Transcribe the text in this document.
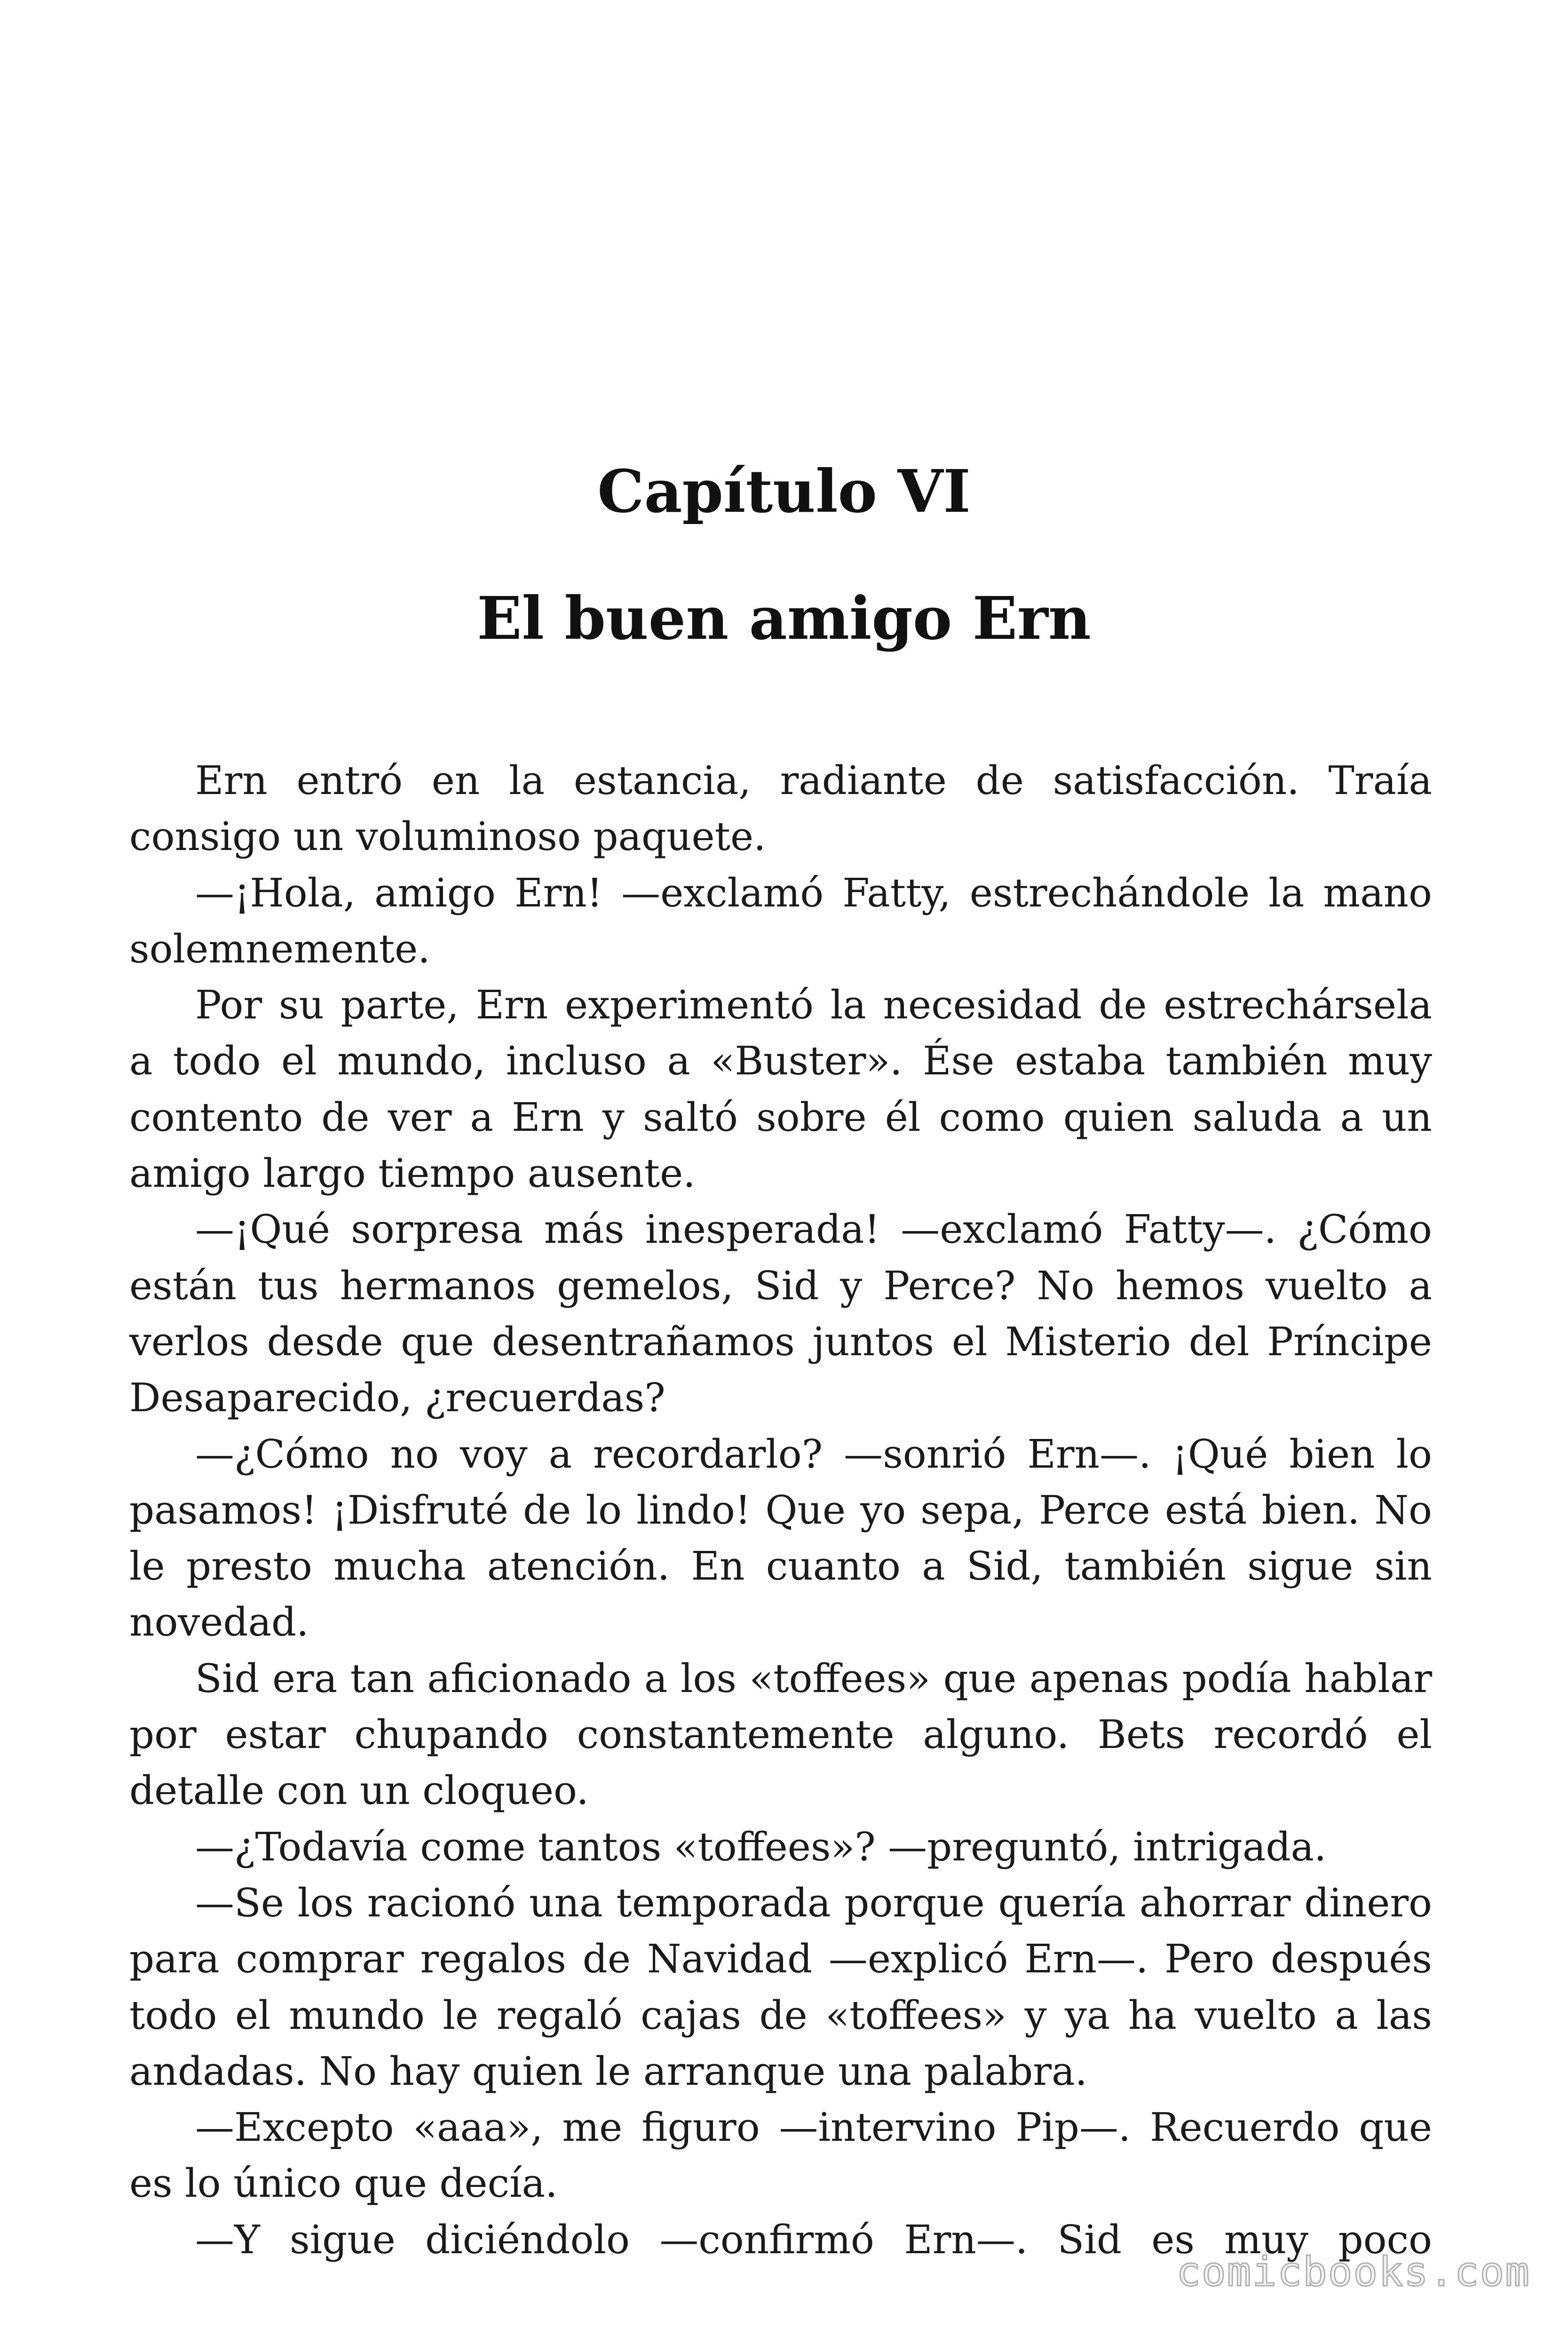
Capítulo VI
El buen amigo Ern

Ern entró en la estancia, radiante de satisfacción. Traía consigo un voluminoso paquete.

—¡Hola, amigo Ern! —exclamó Fatty, estrechándole la mano solemnemente.

Por su parte, Ern experimentó la necesidad de estrechársela a todo el mundo, incluso a «Buster». Ése estaba también muy contento de ver a Ern y saltó sobre él como quien saluda a un amigo largo tiempo ausente.

—¡Qué sorpresa más inesperada! —exclamó Fatty—. ¿Cómo están tus hermanos gemelos, Sid y Perce? No hemos vuelto a verlos desde que desentrañamos juntos el Misterio del Príncipe Desaparecido, ¿recuerdas?

—¿Cómo no voy a recordarlo? —sonrió Ern—. ¡Qué bien lo pasamos! ¡Disfruté de lo lindo! Que yo sepa, Perce está bien. No le presto mucha atención. En cuanto a Sid, también sigue sin novedad.

Sid era tan aficionado a los «toffees» que apenas podía hablar por estar chupando constantemente alguno. Bets recordó el detalle con un cloqueo.

—¿Todavía come tantos «toffees»? —preguntó, intrigada.

—Se los racionó una temporada porque quería ahorrar dinero para comprar regalos de Navidad —explicó Ern—. Pero después todo el mundo le regaló cajas de «toffees» y ya ha vuelto a las andadas. No hay quien le arranque una palabra.

—Excepto «aaa», me figuro —intervino Pip—. Recuerdo que es lo único que decía.

—Y sigue diciéndolo —confirmó Ern—. Sid es muy poco

comicbooks.com
